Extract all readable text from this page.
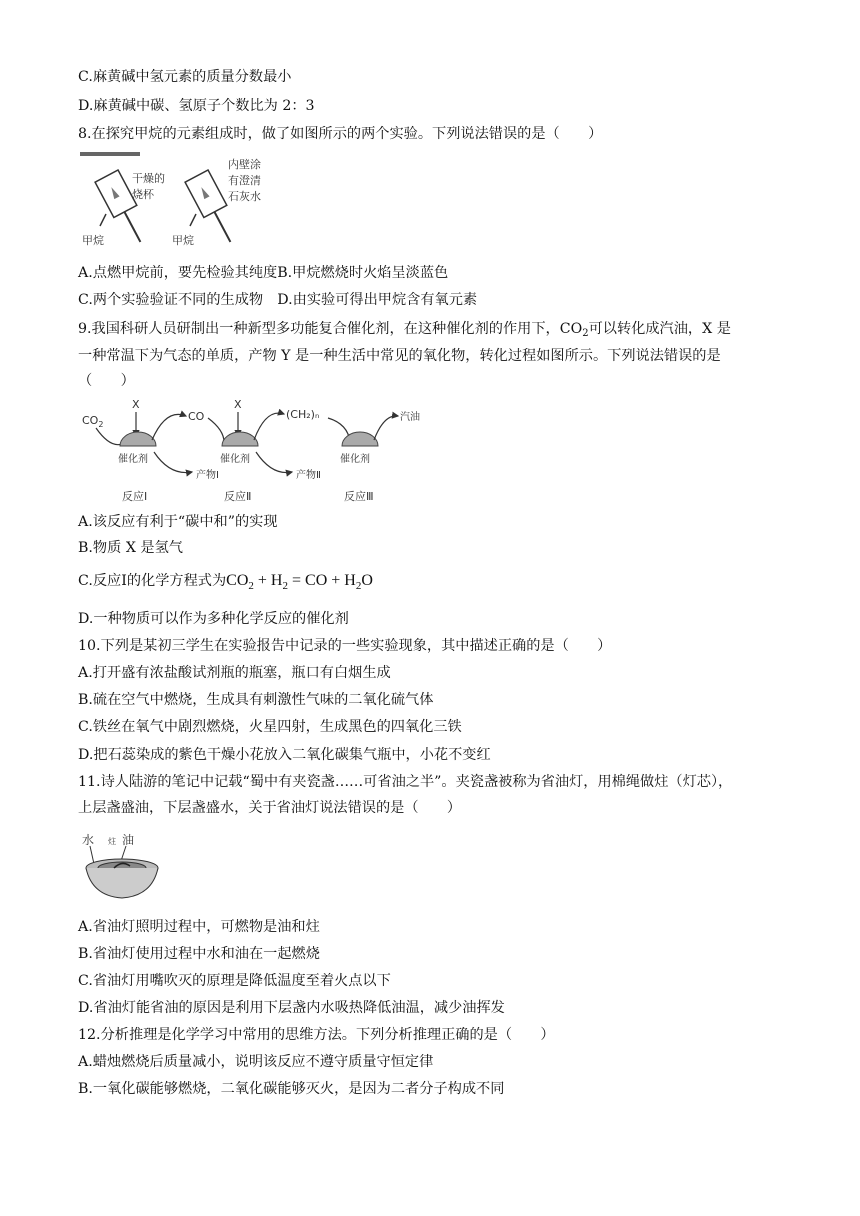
C.麻黄碱中氢元素的质量分数最小
D.麻黄碱中碳、氢原子个数比为 2：3
8.在探究甲烷的元素组成时，做了如图所示的两个实验。下列说法错误的是（　　）
干燥的
烧杯
甲烷
内壁涂
有澄清
石灰水
甲烷
A.点燃甲烷前，要先检验其纯度B.甲烷燃烧时火焰呈淡蓝色
C.两个实验验证不同的生成物　D.由实验可得出甲烷含有氧元素
9.我国科研人员研制出一种新型多功能复合催化剂，在这种催化剂的作用下，$CO_2$可以转化成汽油，X 是
一种常温下为气态的单质，产物 Y 是一种生活中常见的氧化物，转化过程如图所示。下列说法错误的是
（　　）
$CO_2$
X
催化剂
CO
产物Ⅰ
反应Ⅰ
X
催化剂
(CH₂)ₙ
产物Ⅱ
反应Ⅱ
催化剂
汽油
反应Ⅲ
A.该反应有利于“碳中和”的实现
B.物质 X 是氢气
C.反应Ⅰ的化学方程式为$CO_2 + H_2$ = CO + $H_2O$
D.一种物质可以作为多种化学反应的催化剂
10.下列是某初三学生在实验报告中记录的一些实验现象，其中描述正确的是（　　）
A.打开盛有浓盐酸试剂瓶的瓶塞，瓶口有白烟生成
B.硫在空气中燃烧，生成具有刺激性气味的二氧化硫气体
C.铁丝在氧气中剧烈燃烧，火星四射，生成黑色的四氧化三铁
D.把石蕊染成的紫色干燥小花放入二氧化碳集气瓶中，小花不变红
11.诗人陆游的笔记中记载“蜀中有夹瓷盏……可省油之半”。夹瓷盏被称为省油灯，用棉绳做炷（灯芯），
上层盏盛油，下层盏盛水，关于省油灯说法错误的是（　　）
水 炷 油
A.省油灯照明过程中，可燃物是油和炷
B.省油灯使用过程中水和油在一起燃烧
C.省油灯用嘴吹灭的原理是降低温度至着火点以下
D.省油灯能省油的原因是利用下层盏内水吸热降低油温，减少油挥发
12.分析推理是化学学习中常用的思维方法。下列分析推理正确的是（　　）
A.蜡烛燃烧后质量减小，说明该反应不遵守质量守恒定律
B.一氧化碳能够燃烧，二氧化碳能够灭火，是因为二者分子构成不同
